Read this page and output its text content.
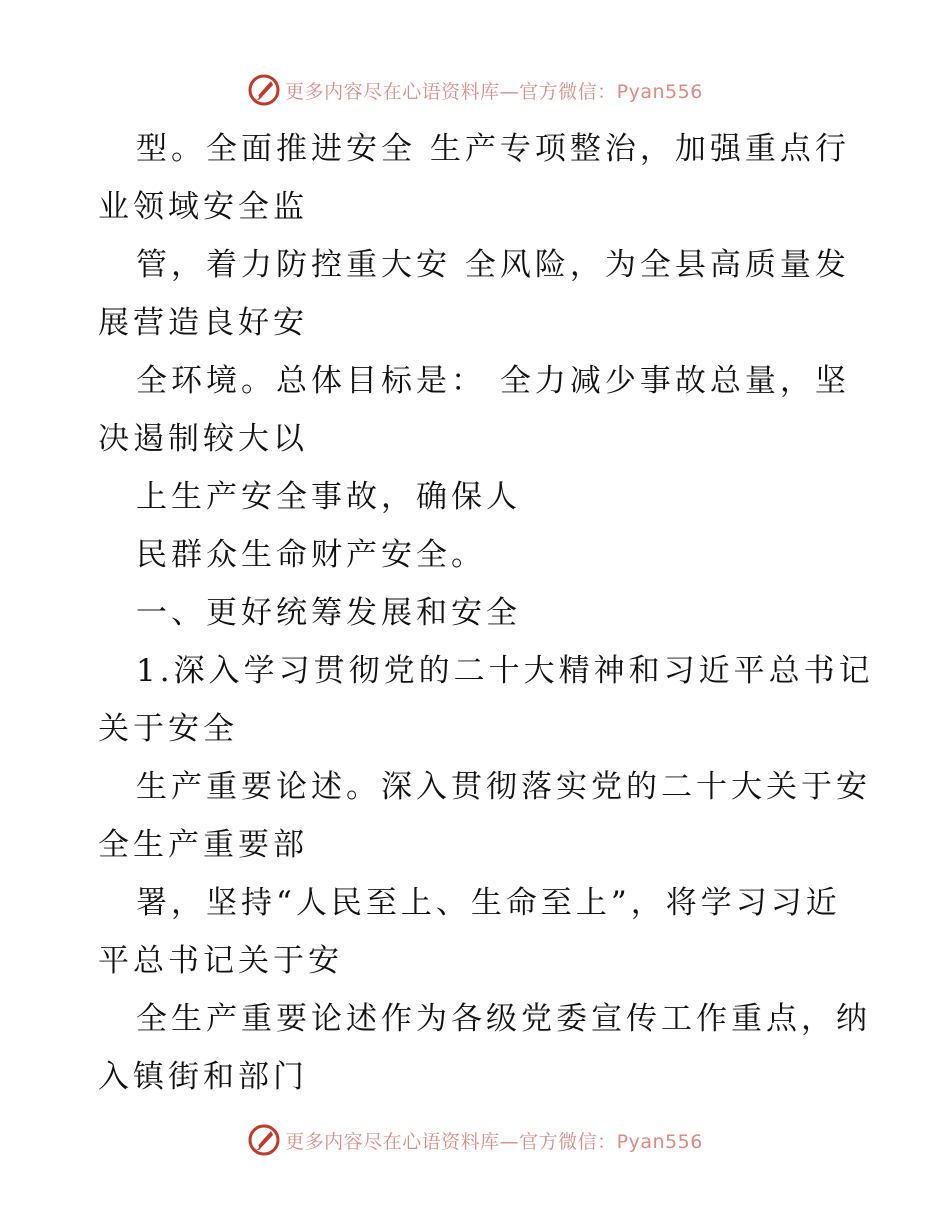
更多内容尽在心语资料库—官方微信：Pyan556

型。全面推进安全 生产专项整治，加强重点行

业领域安全监

管，着力防控重大安 全风险，为全县高质量发

展营造良好安

全环境。总体目标是： 全力减少事故总量，坚

决遏制较大以

上生产安全事故，确保人

民群众生命财产安全。

一、更好统筹发展和安全

1.深入学习贯彻党的二十大精神和习近平总书记

关于安全

生产重要论述。深入贯彻落实党的二十大关于安

全生产重要部

署，坚持“人民至上、生命至上”，将学习习近

平总书记关于安

全生产重要论述作为各级党委宣传工作重点，纳

入镇街和部门

更多内容尽在心语资料库—官方微信：Pyan556
